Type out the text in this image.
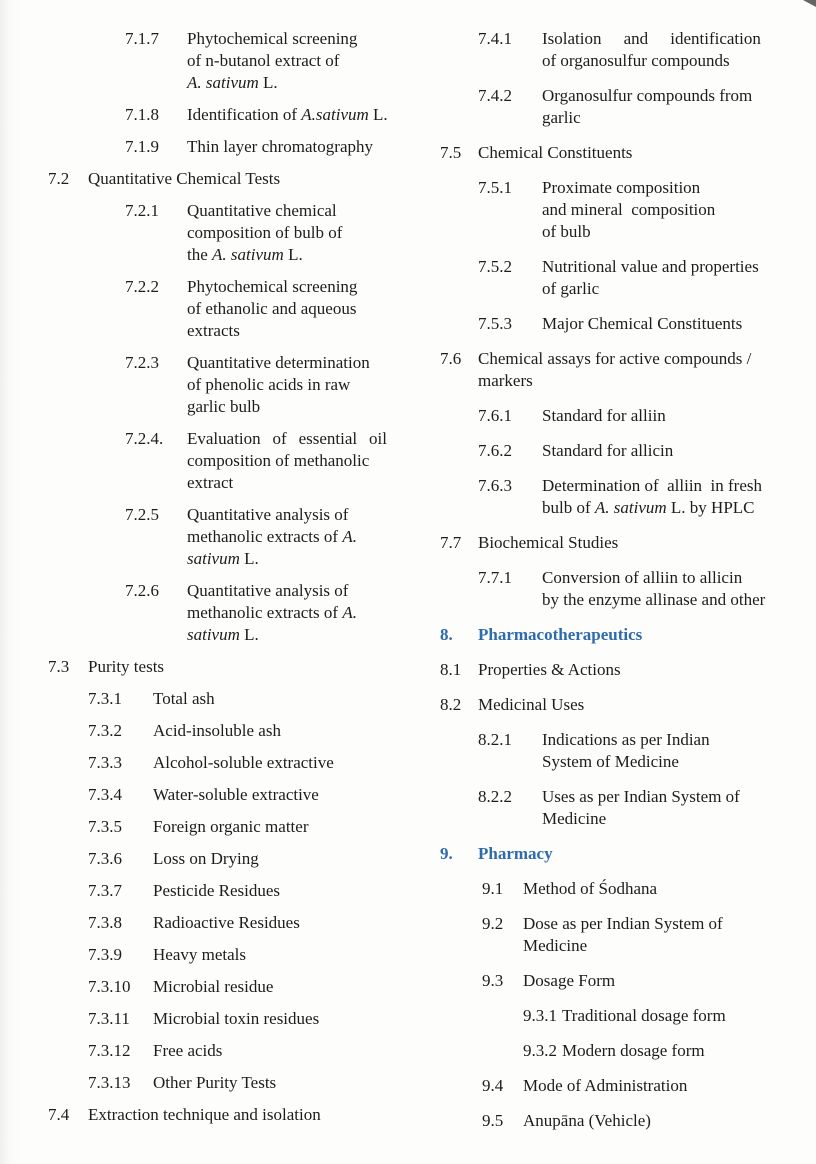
7.1.7	Phytochemical screening
of n-butanol extract of
A. sativum L.
7.1.8	Identification of A.sativum L.
7.1.9	Thin layer chromatography
7.2	Quantitative Chemical Tests
7.2.1	Quantitative chemical
composition of bulb of
the A. sativum L.
7.2.2	Phytochemical screening
of ethanolic and aqueous
extracts
7.2.3	Quantitative determination
of phenolic acids in raw
garlic bulb
7.2.4.	Evaluation of essential oil
composition of methanolic
extract
7.2.5	Quantitative analysis of
methanolic extracts of A.
sativum L.
7.2.6	Quantitative analysis of
methanolic extracts of A.
sativum L.
7.3	Purity tests
7.3.1	Total ash
7.3.2	Acid-insoluble ash
7.3.3	Alcohol-soluble extractive
7.3.4	Water-soluble extractive
7.3.5	Foreign organic matter
7.3.6	Loss on Drying
7.3.7	Pesticide Residues
7.3.8	Radioactive Residues
7.3.9	Heavy metals
7.3.10	Microbial residue
7.3.11	Microbial toxin residues
7.3.12	Free acids
7.3.13	Other Purity Tests
7.4	Extraction technique and isolation
7.4.1	Isolation and identification
of organosulfur compounds
7.4.2	Organosulfur compounds from
garlic
7.5 Chemical Constituents
7.5.1	Proximate composition
and mineral  composition
of bulb
7.5.2	Nutritional value and properties
of garlic
7.5.3	Major Chemical Constituents
7.6 Chemical assays for active compounds /
markers
7.6.1	Standard for alliin
7.6.2	Standard for allicin
7.6.3	Determination of  alliin  in fresh
bulb of A. sativum L. by HPLC
7.7 Biochemical Studies
7.7.1	Conversion of alliin to allicin
by the enzyme allinase and other
8.	Pharmacotherapeutics
8.1 Properties & Actions
8.2 Medicinal Uses
8.2.1	Indications as per Indian
System of Medicine
8.2.2	Uses as per Indian System of
Medicine
9.	Pharmacy
9.1	Method of Śodhana
9.2	Dose as per Indian System of
Medicine
9.3	Dosage Form
9.3.1 Traditional dosage form
9.3.2 Modern dosage form
9.4	Mode of Administration
9.5	Anupāna (Vehicle)
